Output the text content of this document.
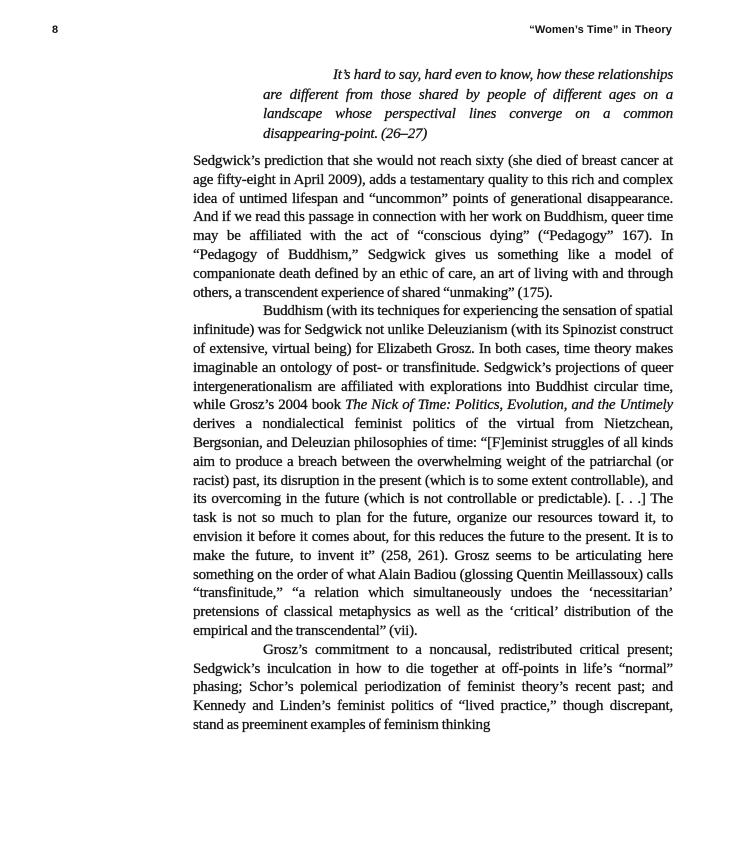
8	“Women’s Time” in Theory

It’s hard to say, hard even to know, how these relationships are different from those shared by people of different ages on a landscape whose perspectival lines converge on a common disappearing-point. (26–27)

Sedgwick’s prediction that she would not reach sixty (she died of breast cancer at age fifty-eight in April 2009), adds a testamentary quality to this rich and complex idea of untimed lifespan and “uncommon” points of generational disappearance. And if we read this passage in connection with her work on Buddhism, queer time may be affiliated with the act of “conscious dying” (“Pedagogy” 167). In “Pedagogy of Buddhism,” Sedgwick gives us something like a model of companionate death defined by an ethic of care, an art of living with and through others, a transcendent experience of shared “unmaking” (175).

Buddhism (with its techniques for experiencing the sensation of spatial infinitude) was for Sedgwick not unlike Deleuzianism (with its Spinozist construct of extensive, virtual being) for Elizabeth Grosz. In both cases, time theory makes imaginable an ontology of post- or transfinitude. Sedgwick’s projections of queer intergenerationalism are affiliated with explorations into Buddhist circular time, while Grosz’s 2004 book The Nick of Time: Politics, Evolution, and the Untimely derives a nondialectical feminist politics of the virtual from Nietzchean, Bergsonian, and Deleuzian philosophies of time: “[F]eminist struggles of all kinds aim to produce a breach between the overwhelming weight of the patriarchal (or racist) past, its disruption in the present (which is to some extent controllable), and its overcoming in the future (which is not controllable or predictable). [. . .] The task is not so much to plan for the future, organize our resources toward it, to envision it before it comes about, for this reduces the future to the present. It is to make the future, to invent it” (258, 261). Grosz seems to be articulating here something on the order of what Alain Badiou (glossing Quentin Meillassoux) calls “transfinitude,” “a relation which simultaneously undoes the ‘necessitarian’ pretensions of classical metaphysics as well as the ‘critical’ distribution of the empirical and the transcendental” (vii).

Grosz’s commitment to a noncausal, redistributed critical present; Sedgwick’s inculcation in how to die together at off-points in life’s “normal” phasing; Schor’s polemical periodization of feminist theory’s recent past; and Kennedy and Linden’s feminist politics of “lived practice,” though discrepant, stand as preeminent examples of feminism thinking
